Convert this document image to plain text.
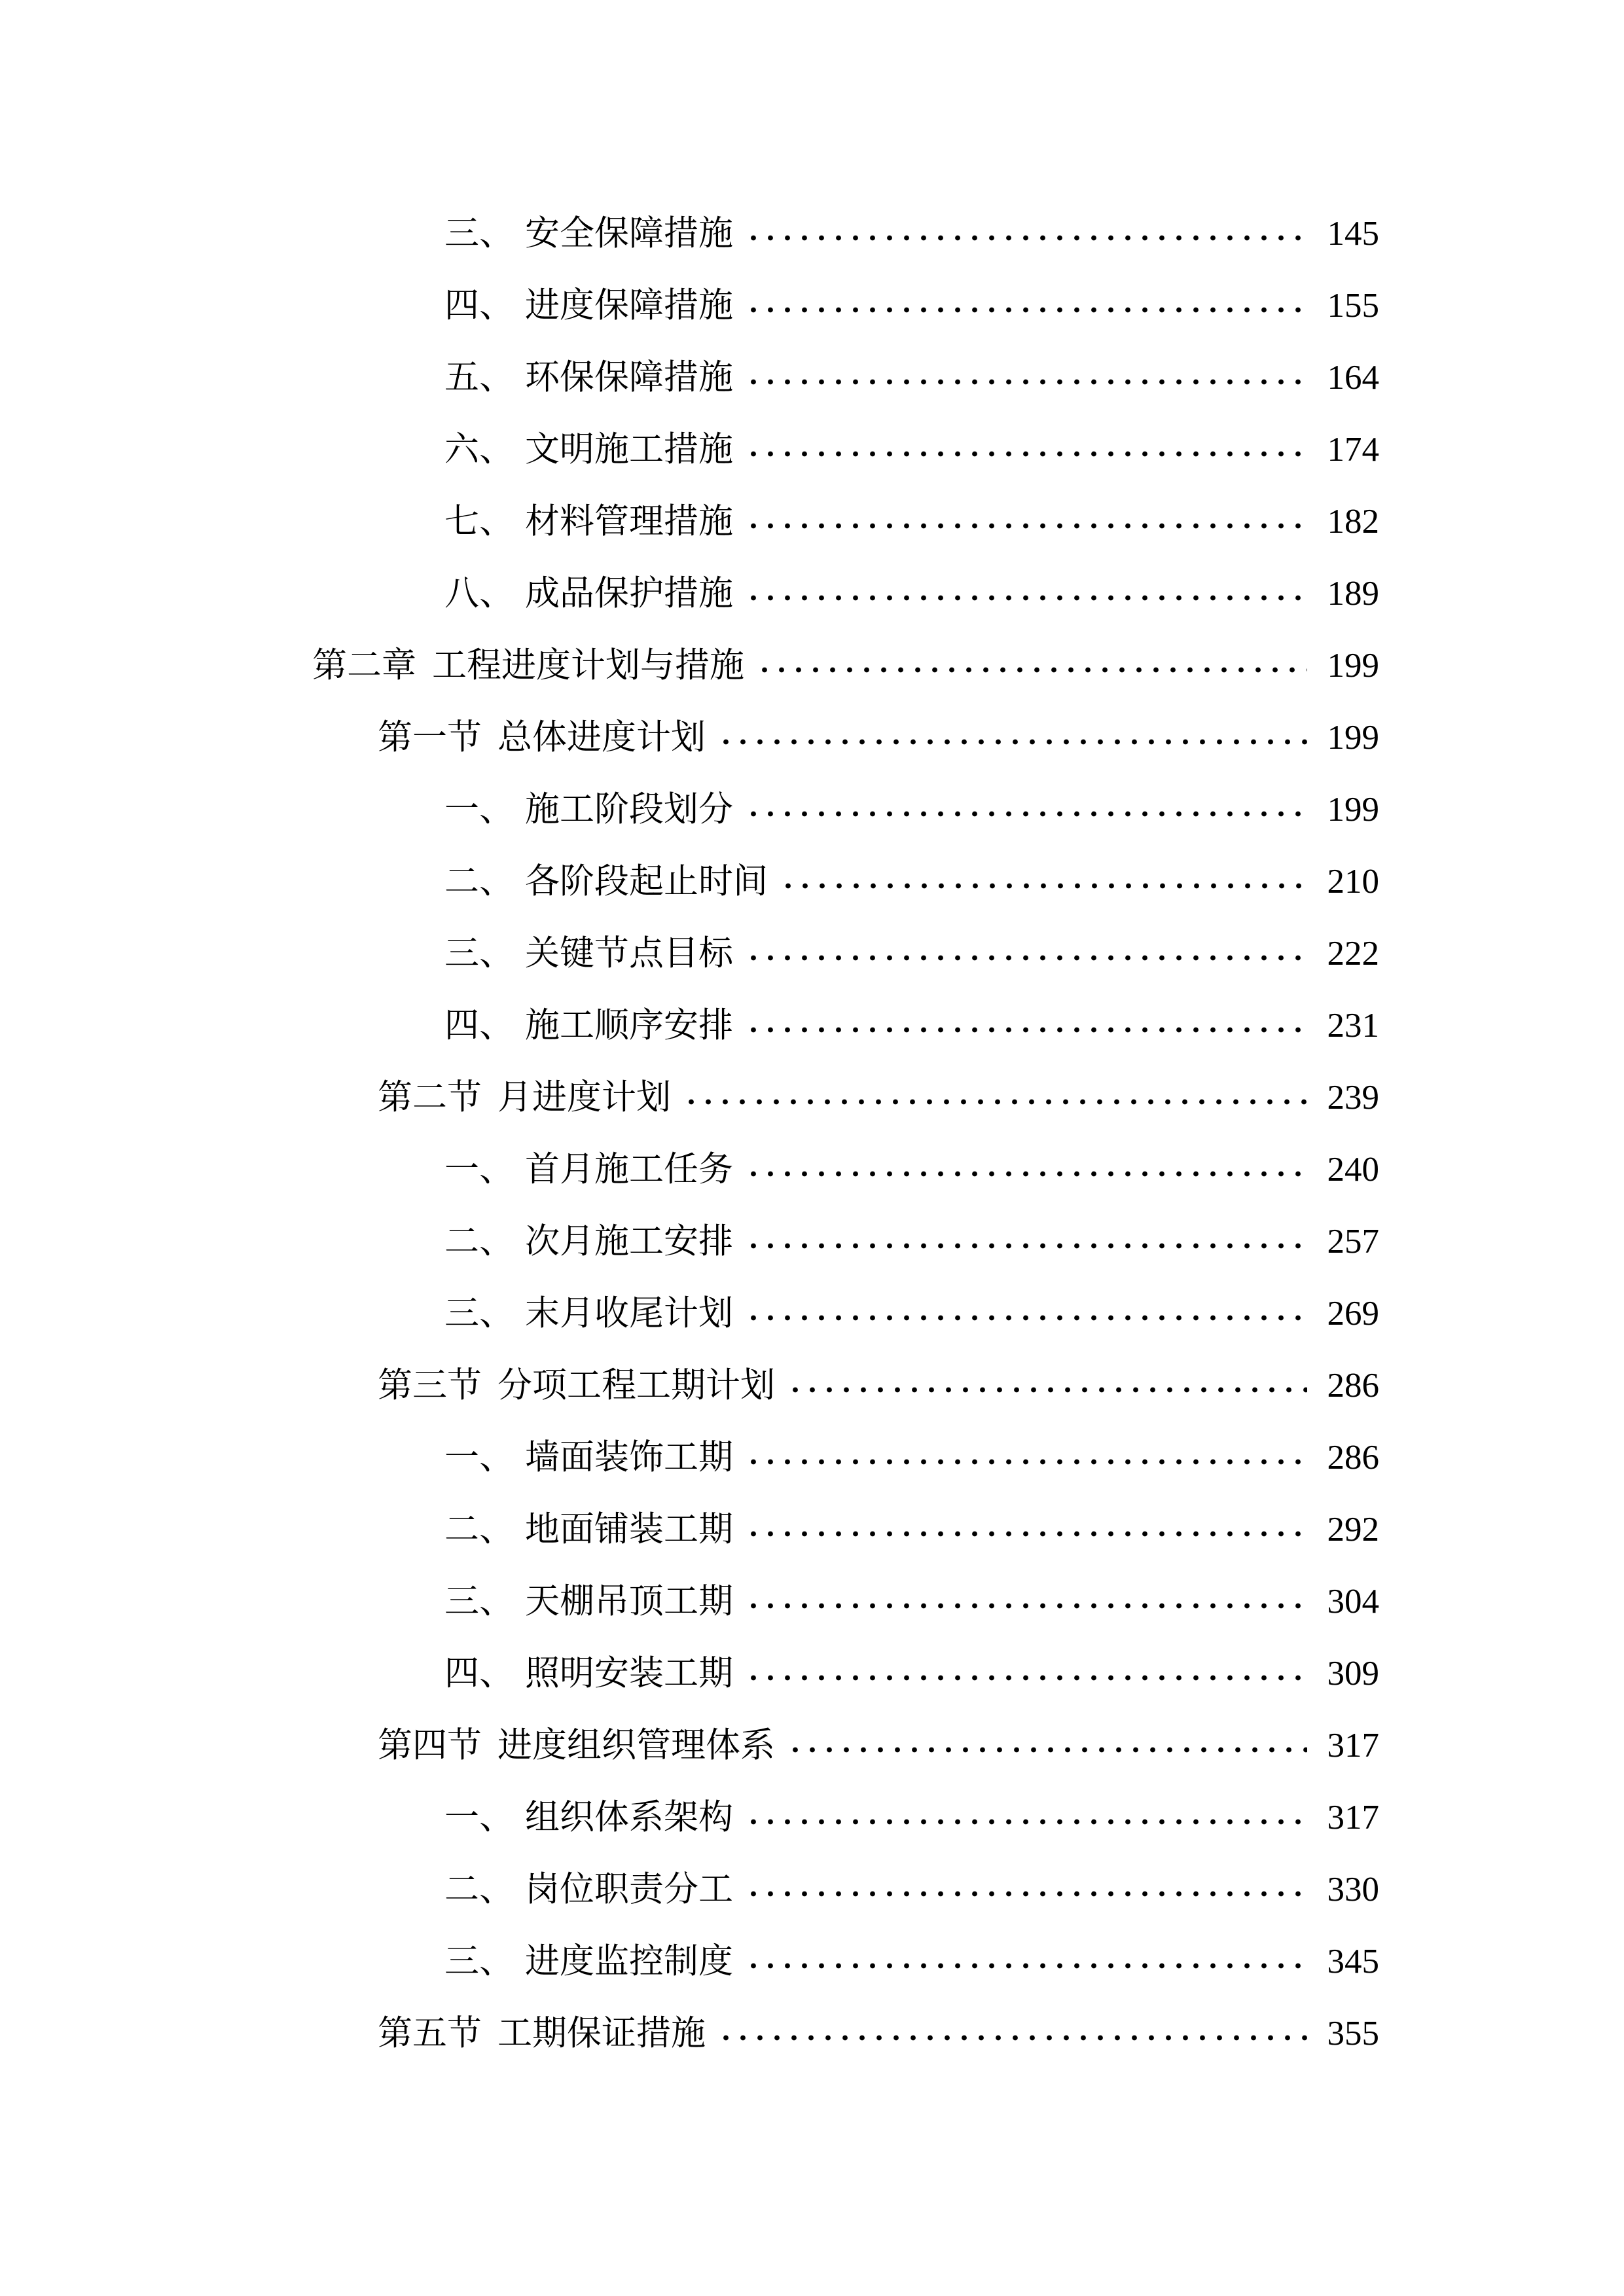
三、 安全保障措施	145
四、 进度保障措施	155
五、 环保保障措施	164
六、 文明施工措施	174
七、 材料管理措施	182
八、 成品保护措施	189
第二章 工程进度计划与措施	199
第一节 总体进度计划	199
一、 施工阶段划分	199
二、 各阶段起止时间	210
三、 关键节点目标	222
四、 施工顺序安排	231
第二节 月进度计划	239
一、 首月施工任务	240
二、 次月施工安排	257
三、 末月收尾计划	269
第三节 分项工程工期计划	286
一、 墙面装饰工期	286
二、 地面铺装工期	292
三、 天棚吊顶工期	304
四、 照明安装工期	309
第四节 进度组织管理体系	317
一、 组织体系架构	317
二、 岗位职责分工	330
三、 进度监控制度	345
第五节 工期保证措施	355
